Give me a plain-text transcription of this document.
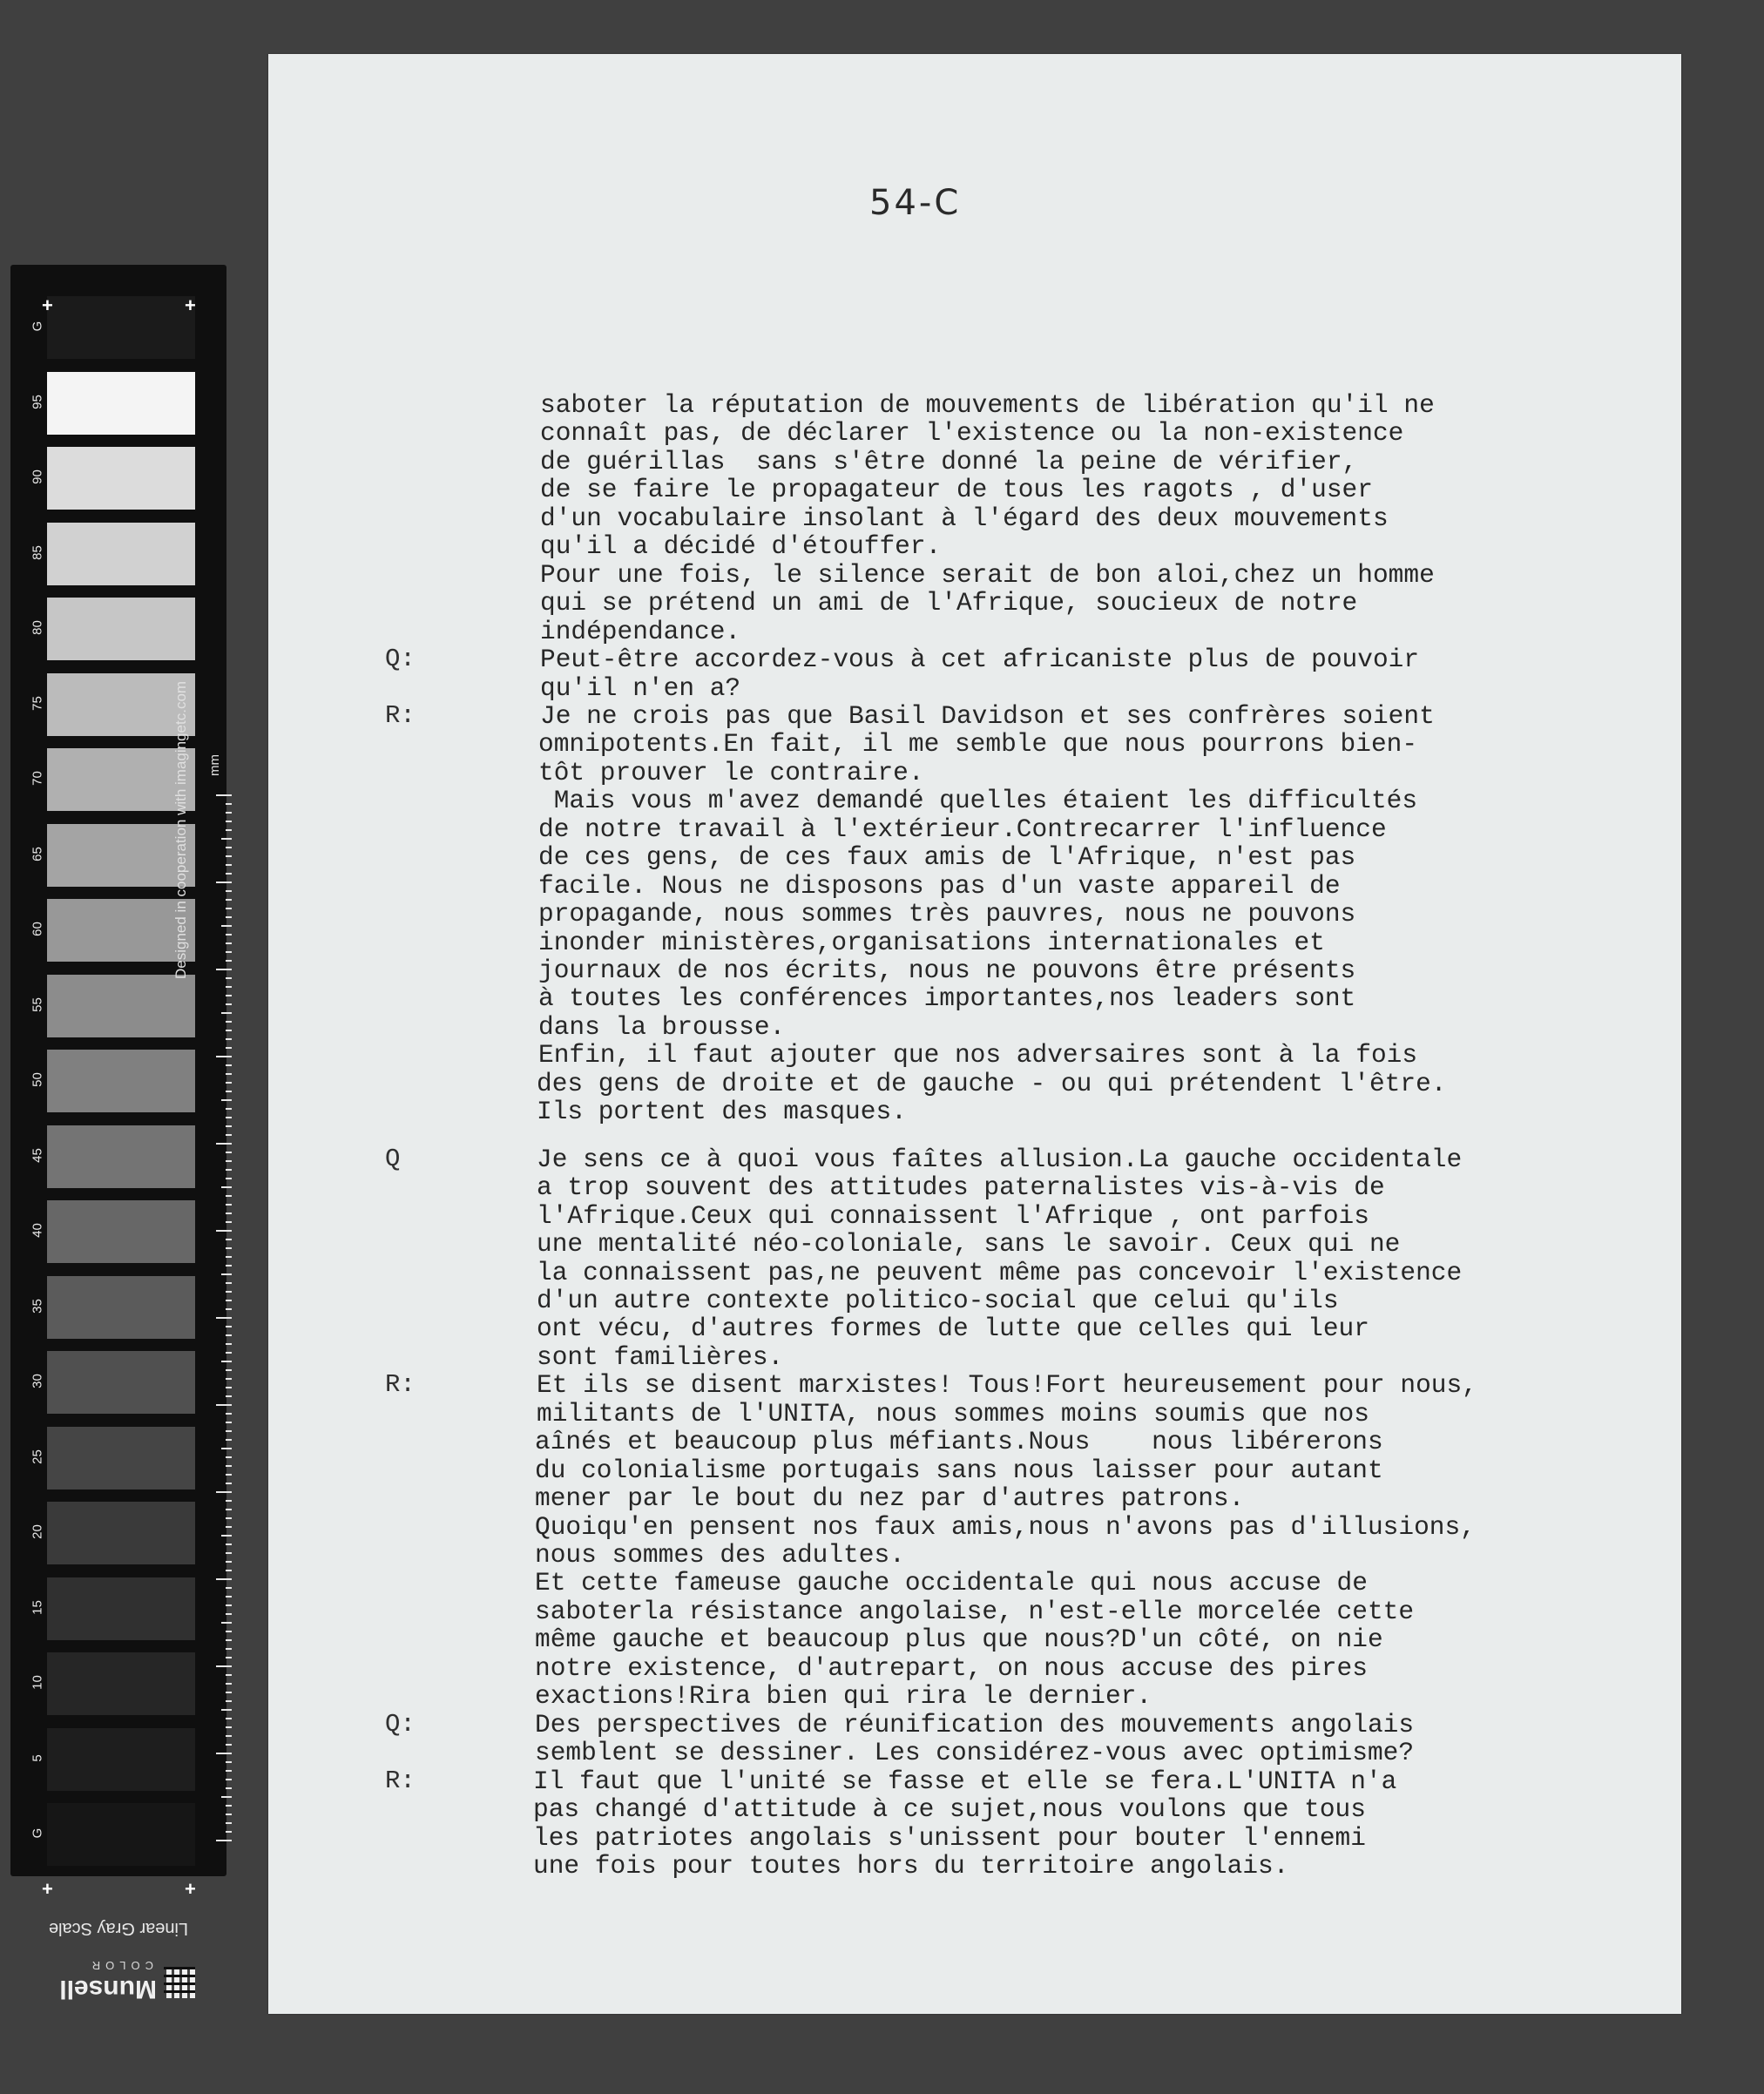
G
95
90
85
80
75
70
65
60
55
50
45
40
35
30
25
20
15
10
5
G
Designed in cooperation with imagingetc.com mm
+	+
+	+
Linear Gray Scale
Munsell
COLOR
54-C
saboter la réputation de mouvements de libération qu'il ne
connaît pas, de déclarer l'existence ou la non-existence
de guérillas  sans s'être donné la peine de vérifier,
de se faire le propagateur de tous les ragots , d'user
d'un vocabulaire insolant à l'égard des deux mouvements
qu'il a décidé d'étouffer.
Pour une fois, le silence serait de bon aloi,chez un homme
qui se prétend un ami de l'Afrique, soucieux de notre
indépendance.
Peut-être accordez-vous à cet africaniste plus de pouvoir
qu'il n'en a?
Je ne crois pas que Basil Davidson et ses confrères soient
omnipotents.En fait, il me semble que nous pourrons bien-
tôt prouver le contraire.
Mais vous m'avez demandé quelles étaient les difficultés
de notre travail à l'extérieur.Contrecarrer l'influence
de ces gens, de ces faux amis de l'Afrique, n'est pas
facile. Nous ne disposons pas d'un vaste appareil de
propagande, nous sommes très pauvres, nous ne pouvons
inonder ministères,organisations internationales et
journaux de nos écrits, nous ne pouvons être présents
à toutes les conférences importantes,nos leaders sont
dans la brousse.
Enfin, il faut ajouter que nos adversaires sont à la fois
des gens de droite et de gauche - ou qui prétendent l'être.
Ils portent des masques.
Je sens ce à quoi vous faîtes allusion.La gauche occidentale
a trop souvent des attitudes paternalistes vis-à-vis de
l'Afrique.Ceux qui connaissent l'Afrique , ont parfois
une mentalité néo-coloniale, sans le savoir. Ceux qui ne
la connaissent pas,ne peuvent même pas concevoir l'existence
d'un autre contexte politico-social que celui qu'ils
ont vécu, d'autres formes de lutte que celles qui leur
sont familières.
Et ils se disent marxistes! Tous!Fort heureusement pour nous,
militants de l'UNITA, nous sommes moins soumis que nos
aînés et beaucoup plus méfiants.Nous    nous libérerons
du colonialisme portugais sans nous laisser pour autant
mener par le bout du nez par d'autres patrons.
Quoiqu'en pensent nos faux amis,nous n'avons pas d'illusions,
nous sommes des adultes.
Et cette fameuse gauche occidentale qui nous accuse de
saboterla résistance angolaise, n'est-elle morcelée cette
même gauche et beaucoup plus que nous?D'un côté, on nie
notre existence, d'autrepart, on nous accuse des pires
exactions!Rira bien qui rira le dernier.
Des perspectives de réunification des mouvements angolais
semblent se dessiner. Les considérez-vous avec optimisme?
Il faut que l'unité se fasse et elle se fera.L'UNITA n'a
pas changé d'attitude à ce sujet,nous voulons que tous
les patriotes angolais s'unissent pour bouter l'ennemi
une fois pour toutes hors du territoire angolais.
Q:
R:
Q
R:
Q:
R:
